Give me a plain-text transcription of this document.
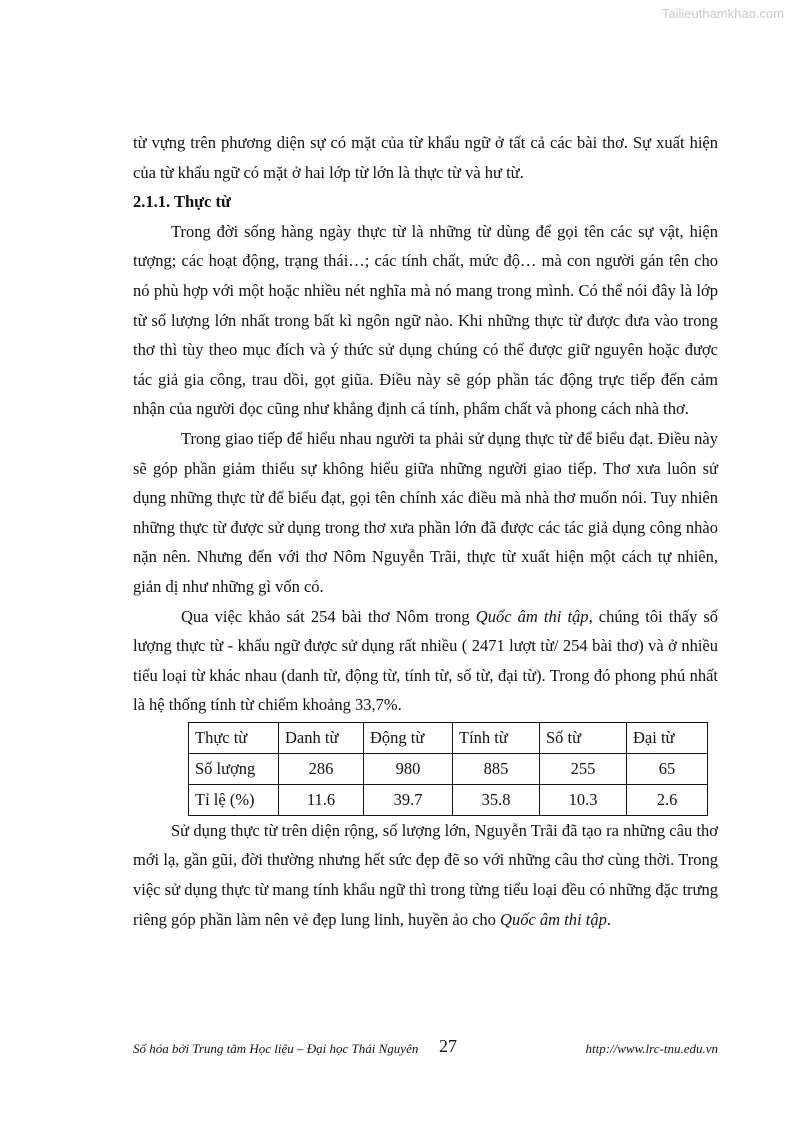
Tailieuthamkhao.com

từ vựng trên phương diện sự có mặt của từ khẩu ngữ ở tất cả các bài thơ. Sự xuất hiện của từ khẩu ngữ có mặt ở hai lớp từ lớn là thực từ và hư từ.

2.1.1. Thực từ

Trong đời sống hàng ngày thực từ là những từ dùng để gọi tên các sự vật, hiện tượng; các hoạt động, trạng thái…; các tính chất, mức độ… mà con người gán tên cho nó phù hợp với một hoặc nhiều nét nghĩa mà nó mang trong mình. Có thể nói đây là lớp từ số lượng lớn nhất trong bất kì ngôn ngữ nào. Khi những thực từ được đưa vào trong thơ thì tùy theo mục đích và ý thức sử dụng chúng có thể được giữ nguyên hoặc được tác giả gia công, trau dồi, gọt giũa. Điều này sẽ góp phần tác động trực tiếp đến cảm nhận của người đọc cũng như khẳng định cá tính, phẩm chất và phong cách nhà thơ.

Trong giao tiếp để hiểu nhau người ta phải sử dụng thực từ để biểu đạt. Điều này sẽ góp phần giảm thiểu sự không hiểu giữa những người giao tiếp. Thơ xưa luôn sử dụng những thực từ để biểu đạt, gọi tên chính xác điều mà nhà thơ muốn nói. Tuy nhiên những thực từ được sử dụng trong thơ xưa phần lớn đã được các tác giả dụng công nhào nặn nên. Nhưng đến với thơ Nôm Nguyễn Trãi, thực từ xuất hiện một cách tự nhiên, giản dị như những gì vốn có.

Qua việc khảo sát 254 bài thơ Nôm trong Quốc âm thi tập, chúng tôi thấy số lượng thực từ - khẩu ngữ được sử dụng rất nhiều ( 2471 lượt từ/ 254 bài thơ) và ở nhiều tiểu loại từ khác nhau (danh từ, động từ, tính từ, số từ, đại từ). Trong đó phong phú nhất là hệ thống tính từ chiếm khoảng 33,7%.

Thực từ	Danh từ	Động từ	Tính từ	Số từ	Đại từ
Số lượng	286	980	885	255	65
Tỉ lệ (%)	11.6	39.7	35.8	10.3	2.6

Sử dụng thực từ trên diện rộng, số lượng lớn, Nguyễn Trãi đã tạo ra những câu thơ mới lạ, gần gũi, đời thường nhưng hết sức đẹp đẽ so với những câu thơ cùng thời. Trong việc sử dụng thực từ mang tính khẩu ngữ thì trong từng tiểu loại đều có những đặc trưng riêng góp phần làm nên vẻ đẹp lung linh, huyền ảo cho Quốc âm thi tập.

Số hóa bởi Trung tâm Học liệu – Đại học Thái Nguyên 27	http://www.lrc-tnu.edu.vn
